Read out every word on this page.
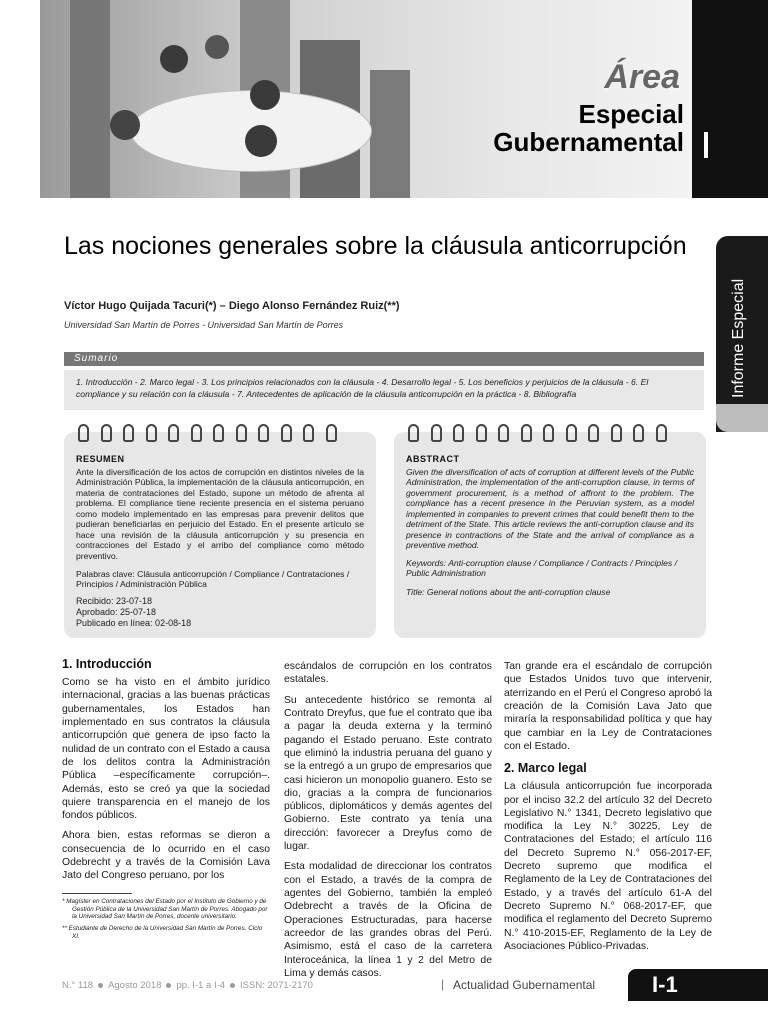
Área
Especial
Gubernamental
Informe Especial
Las nociones generales sobre la cláusula anticorrupción
Víctor Hugo Quijada Tacuri(*) – Diego Alonso Fernández Ruiz(**)
Universidad San Martín de Porres - Universidad San Martín de Porres
Sumario
1. Introducción - 2. Marco legal - 3. Los principios relacionados con la cláusula - 4. Desarrollo legal - 5. Los beneficios y perjuicios de la cláusula - 6. El compliance y su relación con la cláusula - 7. Antecedentes de aplicación de la cláusula anticorrupción en la práctica - 8. Bibliografía
RESUMEN
Ante la diversificación de los actos de corrupción en distintos niveles de la Administración Pública, la implementación de la cláusula anticorrupción, en materia de contrataciones del Estado, supone un método de afrenta al problema. El compliance tiene reciente presencia en el sistema peruano como modelo implementado en las empresas para prevenir delitos que pudieran beneficiarlas en perjuicio del Estado. En el presente artículo se hace una revisión de la cláusula anticorrupción y su presencia en contracciones del Estado y el arribo del compliance como método preventivo.
Palabras clave: Cláusula anticorrupción / Compliance / Contrataciones / Principios / Administración Pública
Recibido: 23-07-18
Aprobado: 25-07-18
Publicado en línea: 02-08-18
ABSTRACT
Given the diversification of acts of corruption at different levels of the Public Administration, the implementation of the anti-corruption clause, in terms of government procurement, is a method of affront to the problem. The compliance has a recent presence in the Peruvian system, as a model implemented in companies to prevent crimes that could benefit them to the detriment of the State. This article reviews the anti-corruption clause and its presence in contractions of the State and the arrival of compliance as a preventive method.
Keywords: Anti-corruption clause / Compliance / Contracts / Principles / Public Administration
Title: General notions about the anti-corruption clause
1. Introducción

Como se ha visto en el ámbito jurídico internacional, gracias a las buenas prácticas gubernamentales, los Estados han implementado en sus contratos la cláusula anticorrupción que genera de ipso facto la nulidad de un contrato con el Estado a causa de los delitos contra la Administración Pública –específicamente corrupción–. Además, esto se creó ya que la sociedad quiere transparencia en el manejo de los fondos públicos.

Ahora bien, estas reformas se dieron a consecuencia de lo ocurrido en el caso Odebrecht y a través de la Comisión Lava Jato del Congreso peruano, por los

* Magíster en Contrataciones del Estado por el Instituto de Gobierno y de Gestión Pública de la Universidad San Martín de Porres. Abogado por la Universidad San Martín de Porres, docente universitario.
** Estudiante de Derecho de la Universidad San Martín de Porres. Ciclo XI.

escándalos de corrupción en los contratos estatales.

Su antecedente histórico se remonta al Contrato Dreyfus, que fue el contrato que iba a pagar la deuda externa y la terminó pagando el Estado peruano. Este contrato que eliminó la industria peruana del guano y se la entregó a un grupo de empresarios que casi hicieron un monopolio guanero. Esto se dio, gracias a la compra de funcionarios públicos, diplomáticos y demás agentes del Gobierno. Este contrato ya tenía una dirección: favorecer a Dreyfus como de lugar.

Esta modalidad de direccionar los contratos con el Estado, a través de la compra de agentes del Gobierno, también la empleó Odebrecht a través de la Oficina de Operaciones Estructuradas, para hacerse acreedor de las grandes obras del Perú. Asimismo, está el caso de la carretera Interoceánica, la línea 1 y 2 del Metro de Lima y demás casos.

Tan grande era el escándalo de corrupción que Estados Unidos tuvo que intervenir, aterrizando en el Perú el Congreso aprobó la creación de la Comisión Lava Jato que miraría la responsabilidad política y que hay que cambiar en la Ley de Contrataciones con el Estado.

2. Marco legal

La cláusula anticorrupción fue incorporada por el inciso 32.2 del artículo 32 del Decreto Legislativo N.° 1341, Decreto legislativo que modifica la Ley N.° 30225, Ley de Contrataciones del Estado; el artículo 116 del Decreto Supremo N.° 056-2017-EF, Decreto supremo que modifica el Reglamento de la Ley de Contrataciones del Estado, y a través del artículo 61-A del Decreto Supremo N.° 068-2017-EF, que modifica el reglamento del Decreto Supremo N.° 410-2015-EF, Reglamento de la Ley de Asociaciones Público-Privadas.

N.° 118 Agosto 2018 pp. I-1 a I-4 ISSN: 2071-2170	| Actualidad Gubernamental	I-1
